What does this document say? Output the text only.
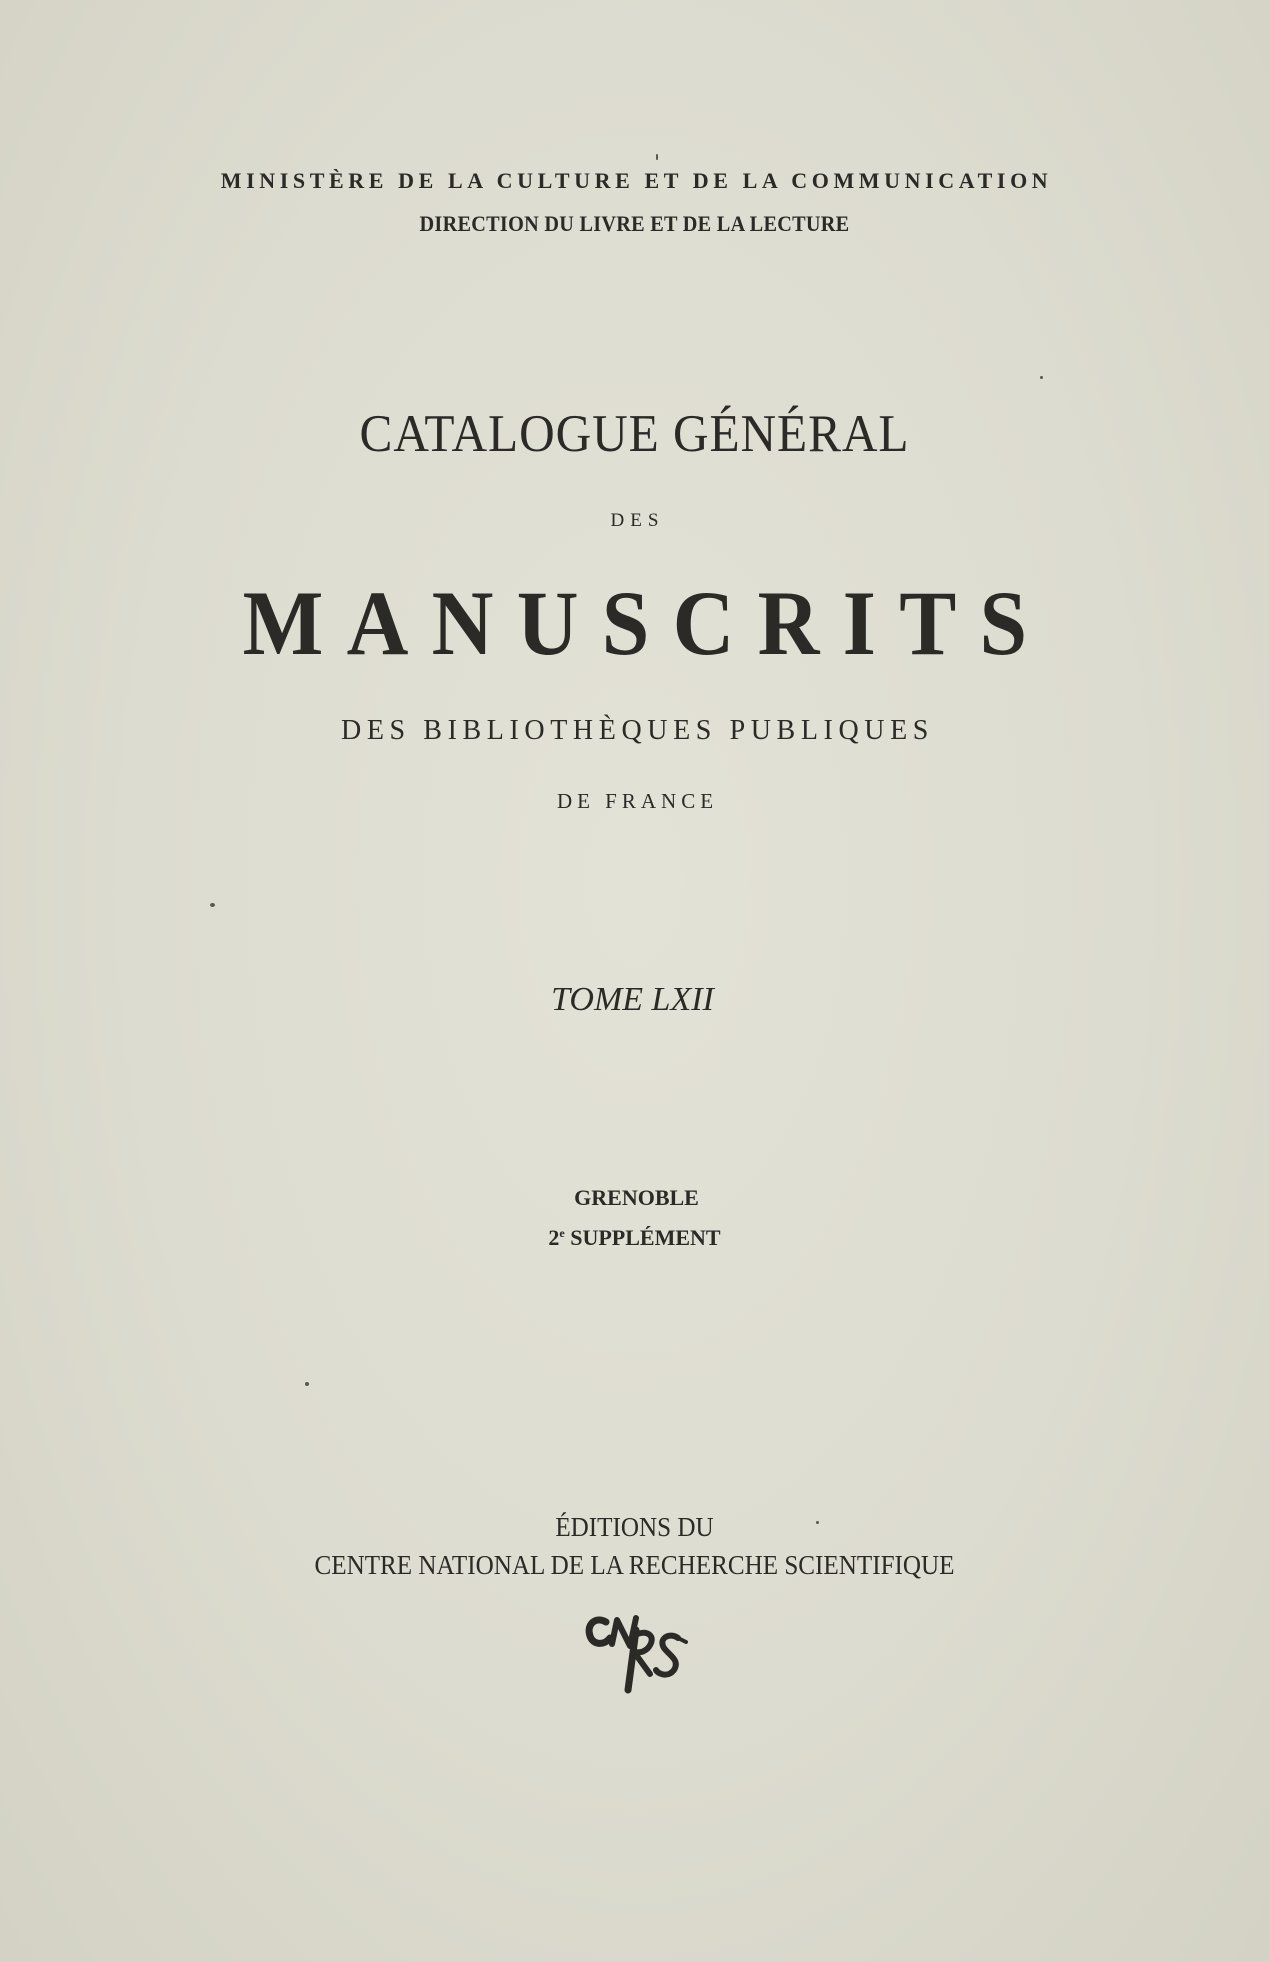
MINISTÈRE DE LA CULTURE ET DE LA COMMUNICATION

DIRECTION DU LIVRE ET DE LA LECTURE

CATALOGUE GÉNÉRAL

DES

MANUSCRITS

DES BIBLIOTHÈQUES PUBLIQUES

DE FRANCE

TOME LXII

GRENOBLE

2e SUPPLÉMENT

ÉDITIONS DU

CENTRE NATIONAL DE LA RECHERCHE SCIENTIFIQUE
